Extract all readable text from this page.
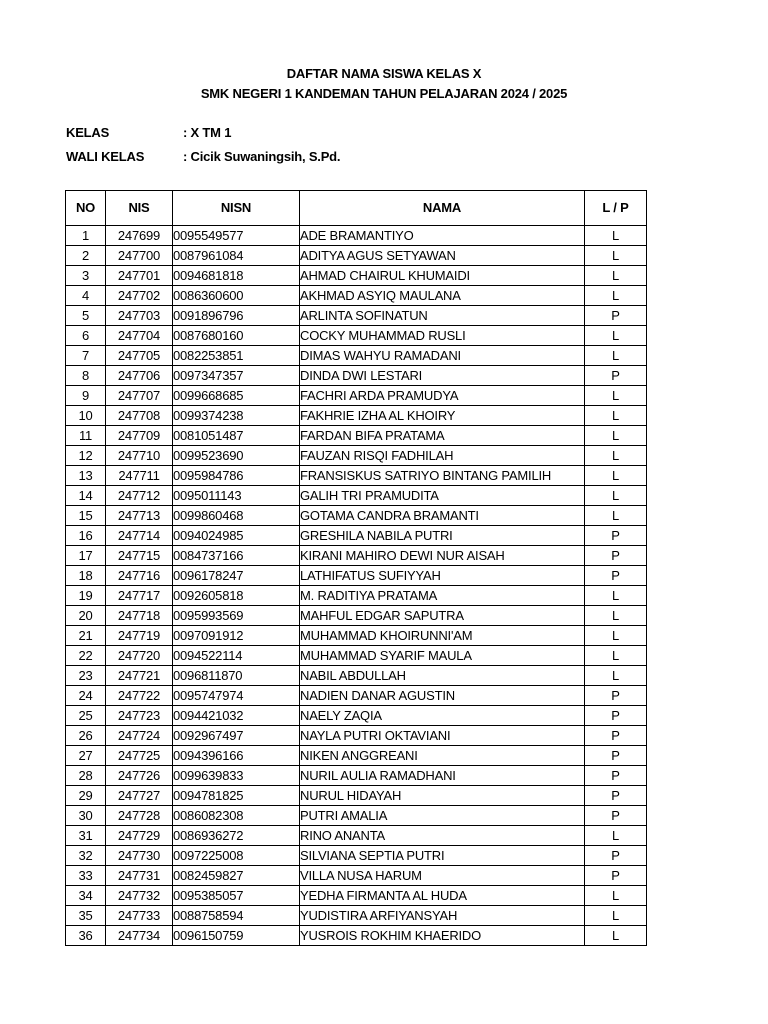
DAFTAR NAMA SISWA KELAS X
SMK NEGERI 1 KANDEMAN TAHUN PELAJARAN 2024 / 2025
KELAS	: X TM 1
WALI KELAS	: Cicik Suwaningsih, S.Pd.
NO	NIS	NISN	NAMA	L / P
1	247699	0095549577	ADE BRAMANTIYO	L
2	247700	0087961084	ADITYA AGUS SETYAWAN	L
3	247701	0094681818	AHMAD CHAIRUL KHUMAIDI	L
4	247702	0086360600	AKHMAD ASYIQ MAULANA	L
5	247703	0091896796	ARLINTA SOFINATUN	P
6	247704	0087680160	COCKY MUHAMMAD RUSLI	L
7	247705	0082253851	DIMAS WAHYU RAMADANI	L
8	247706	0097347357	DINDA DWI LESTARI	P
9	247707	0099668685	FACHRI ARDA PRAMUDYA	L
10	247708	0099374238	FAKHRIE IZHA AL KHOIRY	L
11	247709	0081051487	FARDAN BIFA PRATAMA	L
12	247710	0099523690	FAUZAN RISQI FADHILAH	L
13	247711	0095984786	FRANSISKUS SATRIYO BINTANG PAMILIH	L
14	247712	0095011143	GALIH TRI PRAMUDITA	L
15	247713	0099860468	GOTAMA CANDRA BRAMANTI	L
16	247714	0094024985	GRESHILA NABILA PUTRI	P
17	247715	0084737166	KIRANI MAHIRO DEWI NUR AISAH	P
18	247716	0096178247	LATHIFATUS SUFIYYAH	P
19	247717	0092605818	M. RADITIYA PRATAMA	L
20	247718	0095993569	MAHFUL EDGAR SAPUTRA	L
21	247719	0097091912	MUHAMMAD KHOIRUNNI'AM	L
22	247720	0094522114	MUHAMMAD SYARIF MAULA	L
23	247721	0096811870	NABIL ABDULLAH	L
24	247722	0095747974	NADIEN DANAR AGUSTIN	P
25	247723	0094421032	NAELY ZAQIA	P
26	247724	0092967497	NAYLA PUTRI OKTAVIANI	P
27	247725	0094396166	NIKEN ANGGREANI	P
28	247726	0099639833	NURIL AULIA RAMADHANI	P
29	247727	0094781825	NURUL HIDAYAH	P
30	247728	0086082308	PUTRI AMALIA	P
31	247729	0086936272	RINO ANANTA	L
32	247730	0097225008	SILVIANA SEPTIA PUTRI	P
33	247731	0082459827	VILLA NUSA HARUM	P
34	247732	0095385057	YEDHA FIRMANTA AL HUDA	L
35	247733	0088758594	YUDISTIRA ARFIYANSYAH	L
36	247734	0096150759	YUSROIS ROKHIM KHAERIDO	L
